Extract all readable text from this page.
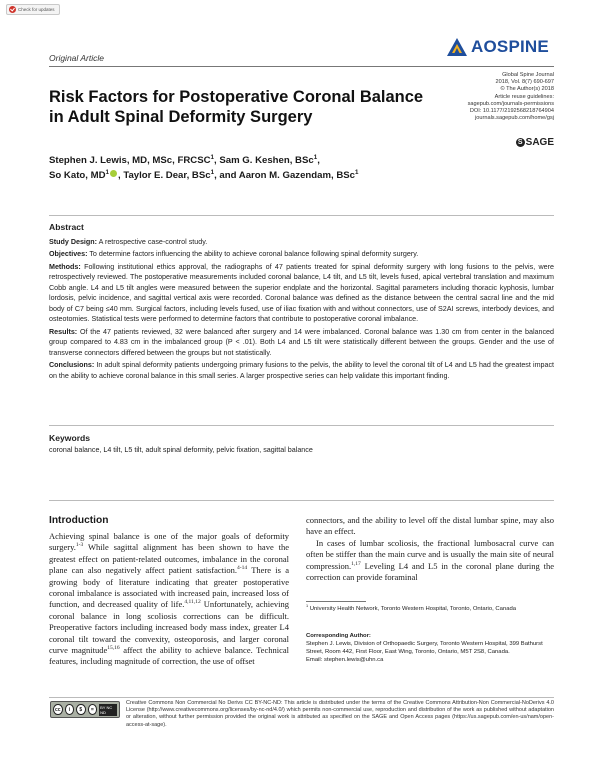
Check for updates
Original Article
AOSPINE
Global Spine Journal
2018, Vol. 8(7) 690-697
© The Author(s) 2018
Article reuse guidelines:
sagepub.com/journals-permissions
DOI: 10.1177/2192568218764904
journals.sagepub.com/home/gsj
S SAGE
Risk Factors for Postoperative Coronal Balance in Adult Spinal Deformity Surgery
Stephen J. Lewis, MD, MSc, FRCSC$^1$, Sam G. Keshen, BSc$^1$,
So Kato, $MD^1$ , Taylor E. Dear, BSc$^1$, and Aaron M. Gazendam, BSc$^1$
Abstract

Study Design: A retrospective case-control study.

Objectives: To determine factors influencing the ability to achieve coronal balance following spinal deformity surgery.

Methods: Following institutional ethics approval, the radiographs of 47 patients treated for spinal deformity surgery with long fusions to the pelvis, were retrospectively reviewed. The postoperative measurements included coronal balance, L4 tilt, and L5 tilt, levels fused, apical vertebral translation and maximum Cobb angle. L4 and L5 tilt angles were measured between the superior endplate and the horizontal. Sagittal parameters including thoracic kyphosis, lumbar lordosis, pelvic incidence, and sagittal vertical axis were recorded. Coronal balance was defined as the distance between the central sacral line and the mid body of C7 being ≤40 mm. Surgical factors, including levels fused, use of iliac fixation with and without connectors, use of S2AI screws, interbody devices, and osteotomies. Statistical tests were performed to determine factors that contribute to postoperative coronal imbalance.

Results: Of the 47 patients reviewed, 32 were balanced after surgery and 14 were imbalanced. Coronal balance was 1.30 cm from center in the balanced group compared to 4.83 cm in the imbalanced group (P < .01). Both L4 and L5 tilt were statistically different between the groups. Gender and the use of transverse connectors differed between the groups but not statistically.

Conclusions: In adult spinal deformity patients undergoing primary fusions to the pelvis, the ability to level the coronal tilt of L4 and L5 had the greatest impact on the ability to achieve coronal balance in this small series. A larger prospective series can help validate this important finding.

Keywords
coronal balance, L4 tilt, L5 tilt, adult spinal deformity, pelvic fixation, sagittal balance
Introduction

Achieving spinal balance is one of the major goals of deformity surgery.$^{1-3}$ While sagittal alignment has been shown to have the greatest effect on patient-related outcomes, imbalance in the coronal plane can also negatively affect patient satisfaction.$^{4-14}$ There is a growing body of literature indicating that greater postoperative coronal imbalance is associated with increased pain, increased loss of function, and decreased quality of life.$^{4,11,12}$ Unfortunately, achieving coronal balance in long scoliosis corrections can be difficult. Preoperative factors including increased body mass index, greater L4 coronal tilt toward the convexity, osteoporosis, and larger coronal curve magnitude$^{15,16}$ affect the ability to achieve balance. Technical features, including magnitude of correction, the use of offset

connectors, and the ability to level off the distal lumbar spine, may also have an effect.

In cases of lumbar scoliosis, the fractional lumbosacral curve can often be stiffer than the main curve and is usually the main site of neural compression.$^{1,17}$ Leveling L4 and L5 in the coronal plane during the correction can provide foraminal

$^1$ University Health Network, Toronto Western Hospital, Toronto, Ontario, Canada
Corresponding Author:
Stephen J. Lewis, Division of Orthopaedic Surgery, Toronto Western Hospital, 399 Bathurst Street, Room 442, First Floor, East Wing, Toronto, Ontario, M5T 2S8, Canada.
Email: stephen.lewis@uhn.ca
cc	i	$	=	BY NC ND
Creative Commons Non Commercial No Derivs CC BY-NC-ND: This article is distributed under the terms of the Creative Commons Attribution-Non Commercial-NoDerivs 4.0 License (http://www.creativecommons.org/licenses/by-nc-nd/4.0/) which permits non-commercial use, reproduction and distribution of the work as published without adaptation or alteration, without further permission provided the original work is attributed as specified on the SAGE and Open Access pages (https://us.sagepub.com/en-us/nam/open-access-at-sage).
